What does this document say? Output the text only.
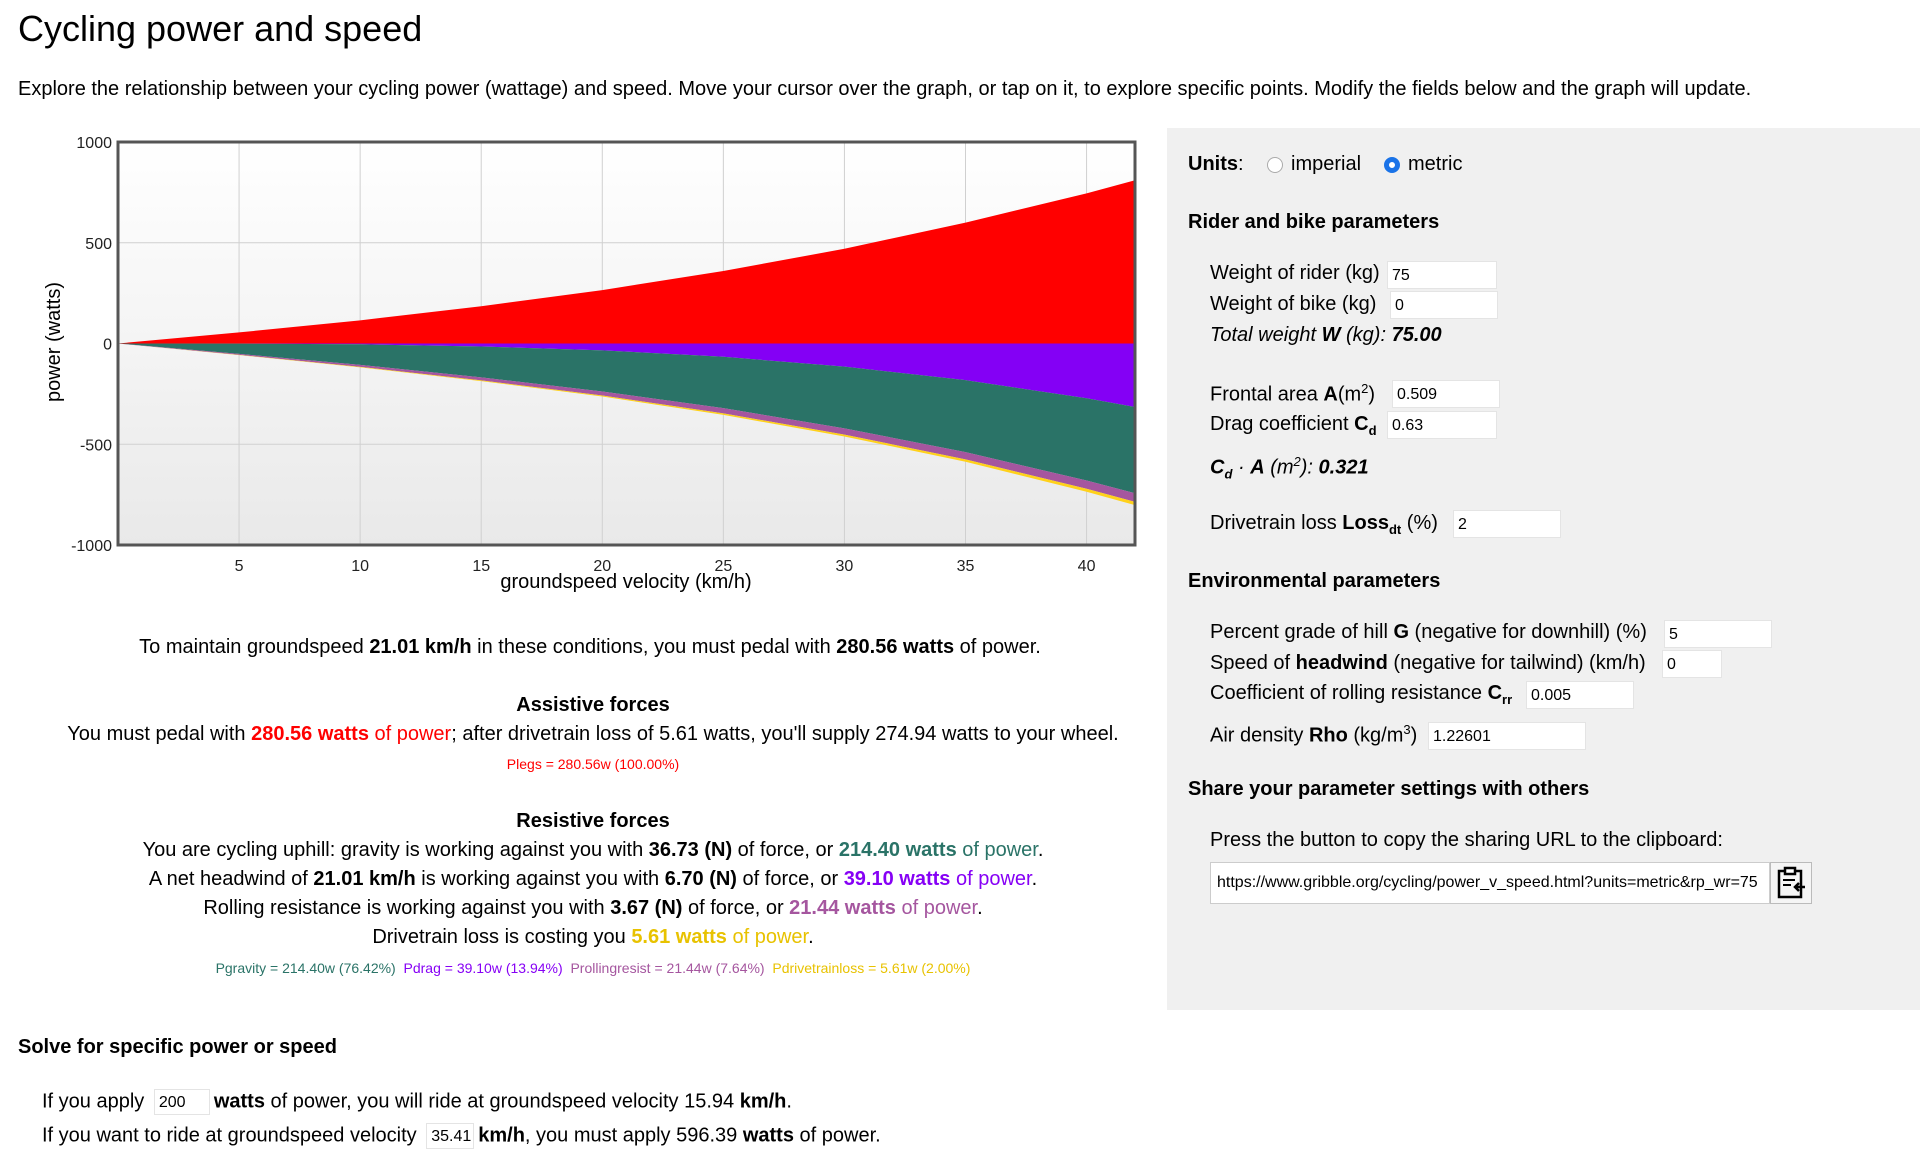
Cycling power and speed
Explore the relationship between your cycling power (wattage) and speed. Move your cursor over the graph, or tap on it, to explore specific points. Modify the fields below and the graph will update.
5	10	15	20	25	30	35	40
1000
500
0
-500
-1000
groundspeed velocity (km/h)
power (watts)
To maintain groundspeed 21.01 km/h in these conditions, you must pedal with 280.56 watts of power.
Assistive forces
You must pedal with 280.56 watts of power; after drivetrain loss of 5.61 watts, you'll supply 274.94 watts to your wheel.
Plegs = 280.56w (100.00%)
Resistive forces
You are cycling uphill: gravity is working against you with 36.73 (N) of force, or 214.40 watts of power.
A net headwind of 21.01 km/h is working against you with 6.70 (N) of force, or 39.10 watts of power.
Rolling resistance is working against you with 3.67 (N) of force, or 21.44 watts of power.
Drivetrain loss is costing you 5.61 watts of power.
Pgravity = 214.40w (76.42%) Pdrag = 39.10w (13.94%) Prollingresist = 21.44w (7.64%) Pdrivetrainloss = 5.61w (2.00%)
Units: imperial metric
Rider and bike parameters
Weight of rider (kg) 75
Weight of bike (kg)	0
Total weight W (kg): 75.00
Frontal area $A(m^2)$	0.509
Drag coefficient $C_d$ 0.63
$C_d \cdot A$ $(m^2)$: 0.321
Drivetrain loss Loss$_{dt}$ (%)	2
Environmental parameters
Percent grade of hill G (negative for downhill) (%)	5
Speed of headwind (negative for tailwind) (km/h)	0
Coefficient of rolling resistance $C_{rr}$	0.005
Air density Rho $(kg/m^3)$ 1.22601
Share your parameter settings with others
Press the button to copy the sharing URL to the clipboard:
https://www.gribble.org/cycling/power_v_speed.html?units=metric&rp_wr=75
Solve for specific power or speed
If you apply 200 watts of power, you will ride at groundspeed velocity 15.94 km/h.
If you want to ride at groundspeed velocity 35.41 km/h, you must apply 596.39 watts of power.
